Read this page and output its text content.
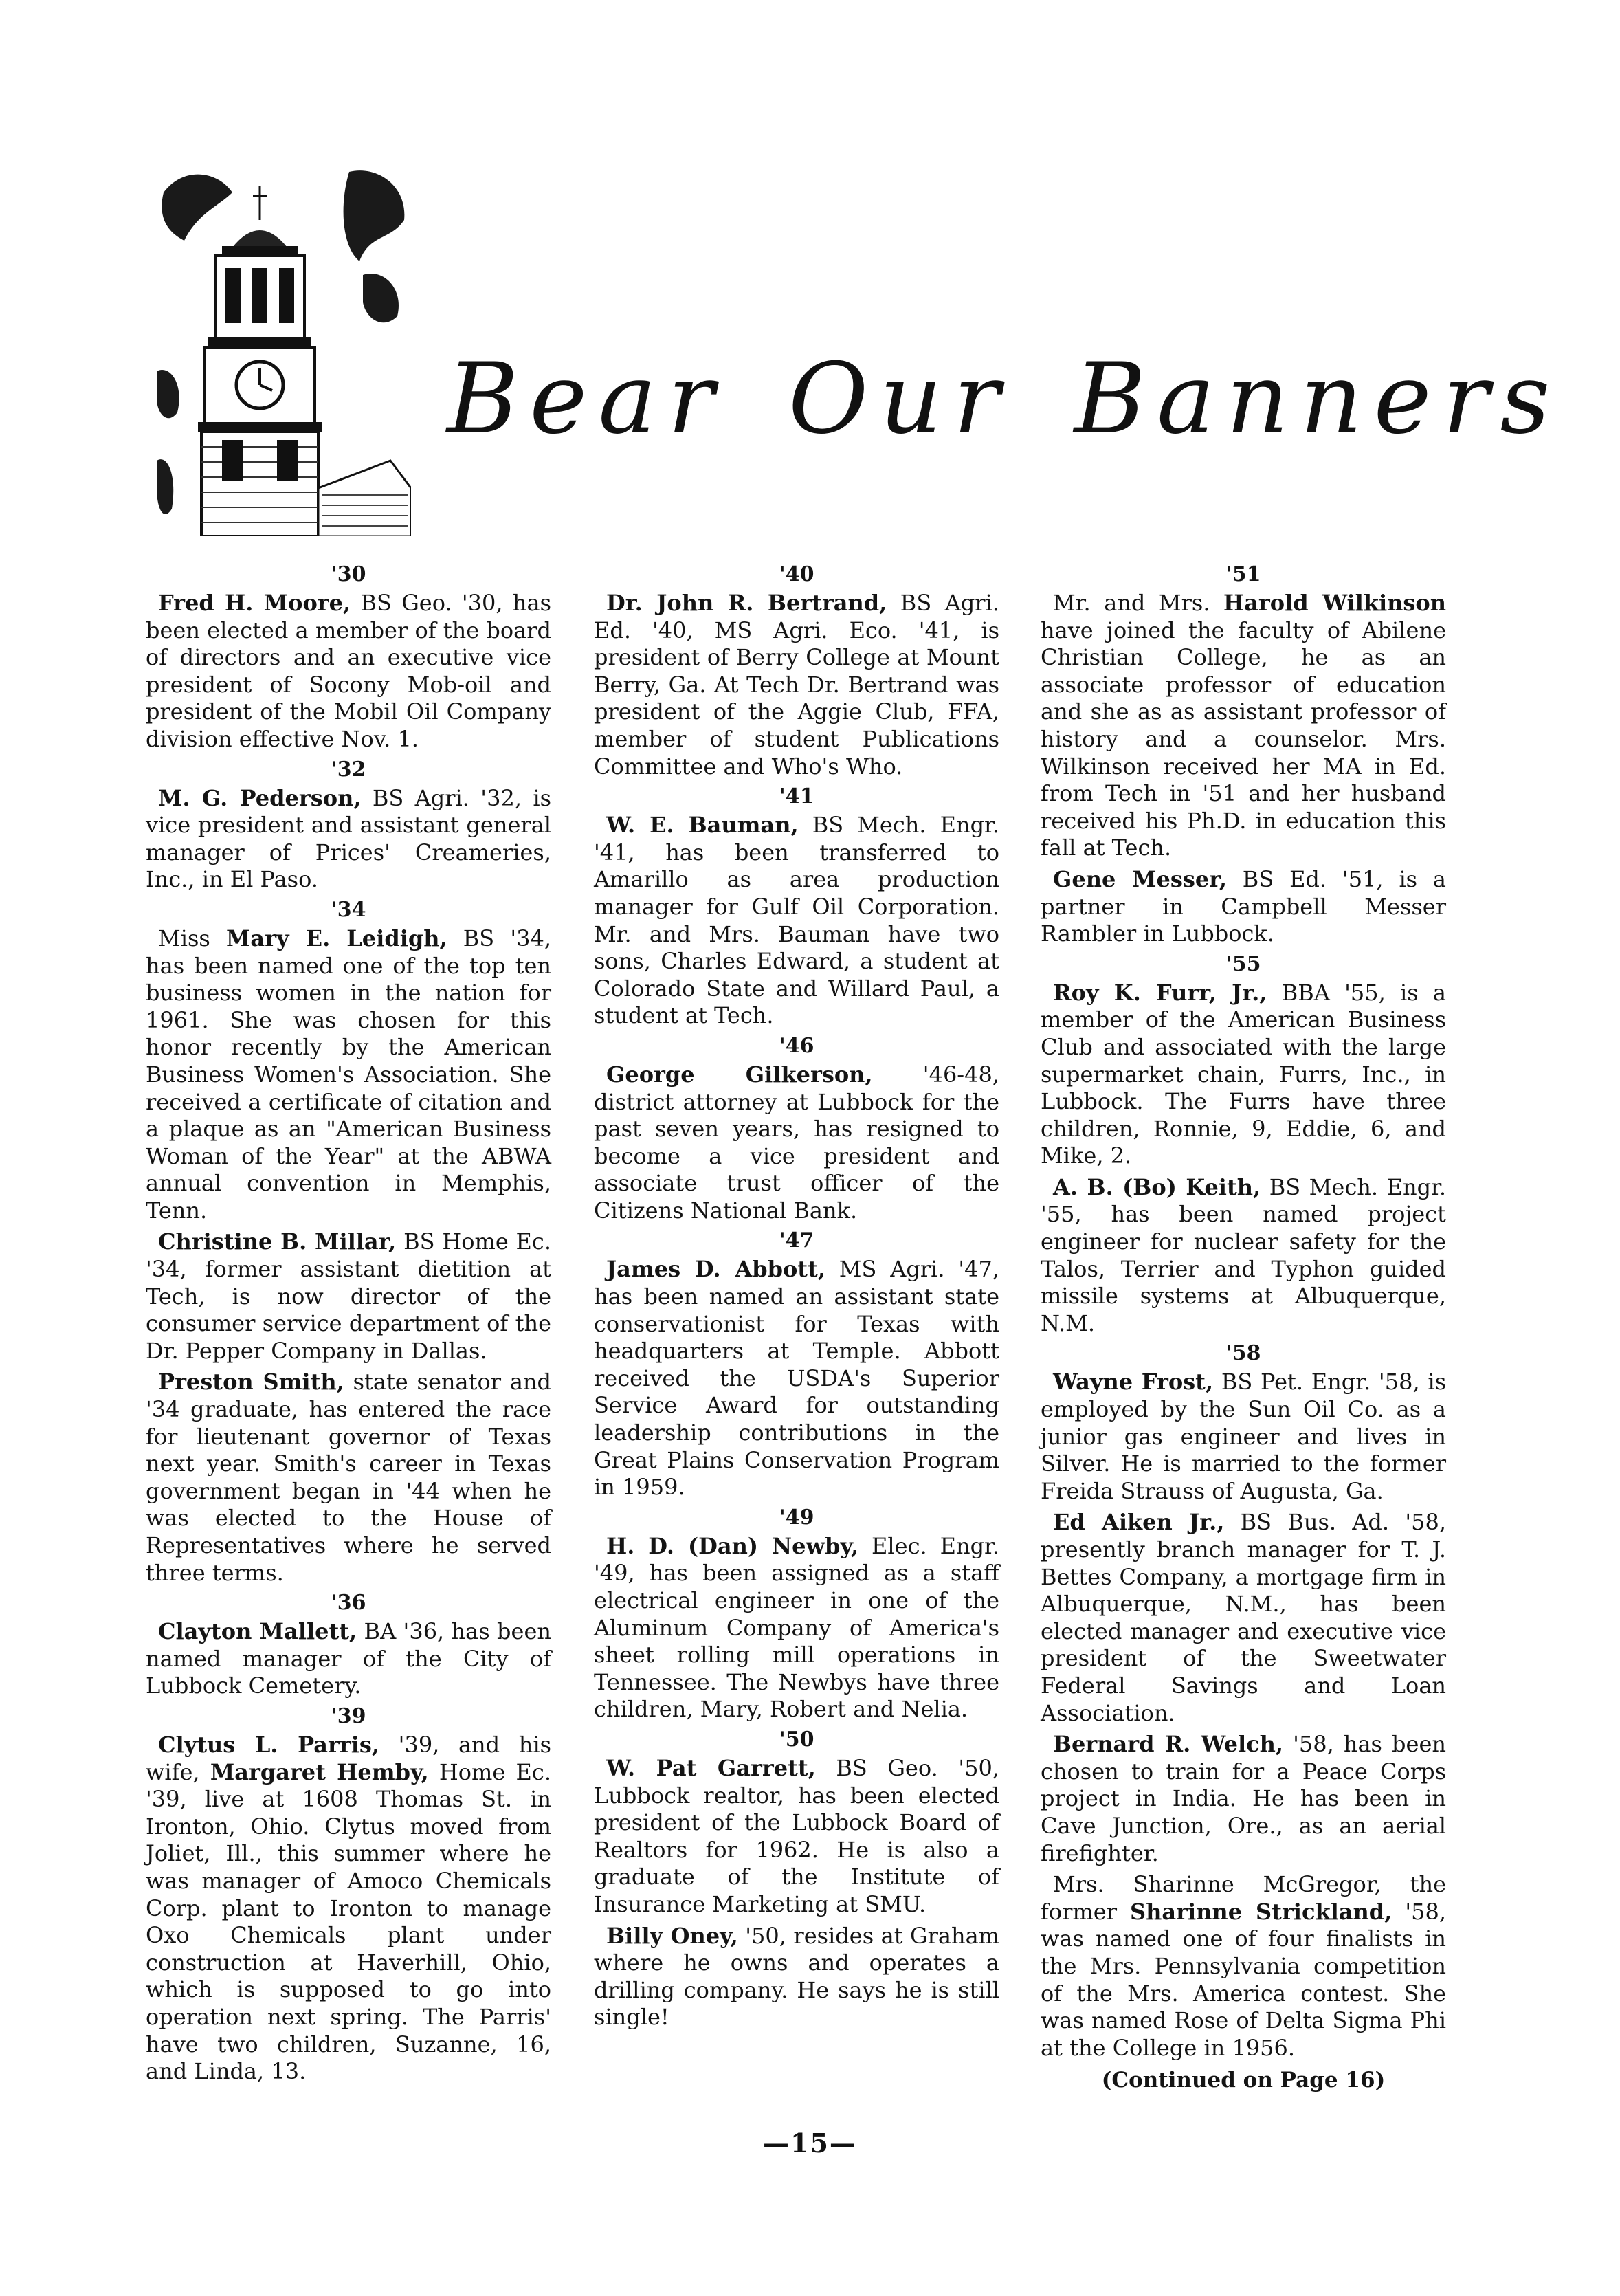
Bear Our Banners
'30

Fred H. Moore, BS Geo. '30, has been elected a member of the board of directors and an executive vice president of Socony Mob-oil and president of the Mobil Oil Company division effective Nov. 1.

'32

M. G. Pederson, BS Agri. '32, is vice president and assistant general manager of Prices' Creameries, Inc., in El Paso.

'34

Miss Mary E. Leidigh, BS '34, has been named one of the top ten business women in the nation for 1961. She was chosen for this honor recently by the American Business Women's Association. She received a certificate of citation and a plaque as an "American Business Woman of the Year" at the ABWA annual convention in Memphis, Tenn.

Christine B. Millar, BS Home Ec. '34, former assistant dietition at Tech, is now director of the consumer service department of the Dr. Pepper Company in Dallas.

Preston Smith, state senator and '34 graduate, has entered the race for lieutenant governor of Texas next year. Smith's career in Texas government began in '44 when he was elected to the House of Representatives where he served three terms.

'36

Clayton Mallett, BA '36, has been named manager of the City of Lubbock Cemetery.

'39

Clytus L. Parris, '39, and his wife, Margaret Hemby, Home Ec. '39, live at 1608 Thomas St. in Ironton, Ohio. Clytus moved from Joliet, Ill., this summer where he was manager of Amoco Chemicals Corp. plant to Ironton to manage Oxo Chemicals plant under construction at Haverhill, Ohio, which is supposed to go into operation next spring. The Parris' have two children, Suzanne, 16, and Linda, 13.

'40

Dr. John R. Bertrand, BS Agri. Ed. '40, MS Agri. Eco. '41, is president of Berry College at Mount Berry, Ga. At Tech Dr. Bertrand was president of the Aggie Club, FFA, member of student Publications Committee and Who's Who.

'41

W. E. Bauman, BS Mech. Engr. '41, has been transferred to Amarillo as area production manager for Gulf Oil Corporation. Mr. and Mrs. Bauman have two sons, Charles Edward, a student at Colorado State and Willard Paul, a student at Tech.

'46

George Gilkerson, '46-48, district attorney at Lubbock for the past seven years, has resigned to become a vice president and associate trust officer of the Citizens National Bank.

'47

James D. Abbott, MS Agri. '47, has been named an assistant state conservationist for Texas with headquarters at Temple. Abbott received the USDA's Superior Service Award for outstanding leadership contributions in the Great Plains Conservation Program in 1959.

'49

H. D. (Dan) Newby, Elec. Engr. '49, has been assigned as a staff electrical engineer in one of the Aluminum Company of America's sheet rolling mill operations in Tennessee. The Newbys have three children, Mary, Robert and Nelia.

'50

W. Pat Garrett, BS Geo. '50, Lubbock realtor, has been elected president of the Lubbock Board of Realtors for 1962. He is also a graduate of the Institute of Insurance Marketing at SMU.

Billy Oney, '50, resides at Graham where he owns and operates a drilling company. He says he is still single!

'51

Mr. and Mrs. Harold Wilkinson have joined the faculty of Abilene Christian College, he as an associate professor of education and she as as assistant professor of history and a counselor. Mrs. Wilkinson received her MA in Ed. from Tech in '51 and her husband received his Ph.D. in education this fall at Tech.

Gene Messer, BS Ed. '51, is a partner in Campbell Messer Rambler in Lubbock.

'55

Roy K. Furr, Jr., BBA '55, is a member of the American Business Club and associated with the large supermarket chain, Furrs, Inc., in Lubbock. The Furrs have three children, Ronnie, 9, Eddie, 6, and Mike, 2.

A. B. (Bo) Keith, BS Mech. Engr. '55, has been named project engineer for nuclear safety for the Talos, Terrier and Typhon guided missile systems at Albuquerque, N.M.

'58

Wayne Frost, BS Pet. Engr. '58, is employed by the Sun Oil Co. as a junior gas engineer and lives in Silver. He is married to the former Freida Strauss of Augusta, Ga.

Ed Aiken Jr., BS Bus. Ad. '58, presently branch manager for T. J. Bettes Company, a mortgage firm in Albuquerque, N.M., has been elected manager and executive vice president of the Sweetwater Federal Savings and Loan Association.

Bernard R. Welch, '58, has been chosen to train for a Peace Corps project in India. He has been in Cave Junction, Ore., as an aerial firefighter.

Mrs. Sharinne McGregor, the former Sharinne Strickland, '58, was named one of four finalists in the Mrs. Pennsylvania competition of the Mrs. America contest. She was named Rose of Delta Sigma Phi at the College in 1956.

(Continued on Page 16)
—15—
